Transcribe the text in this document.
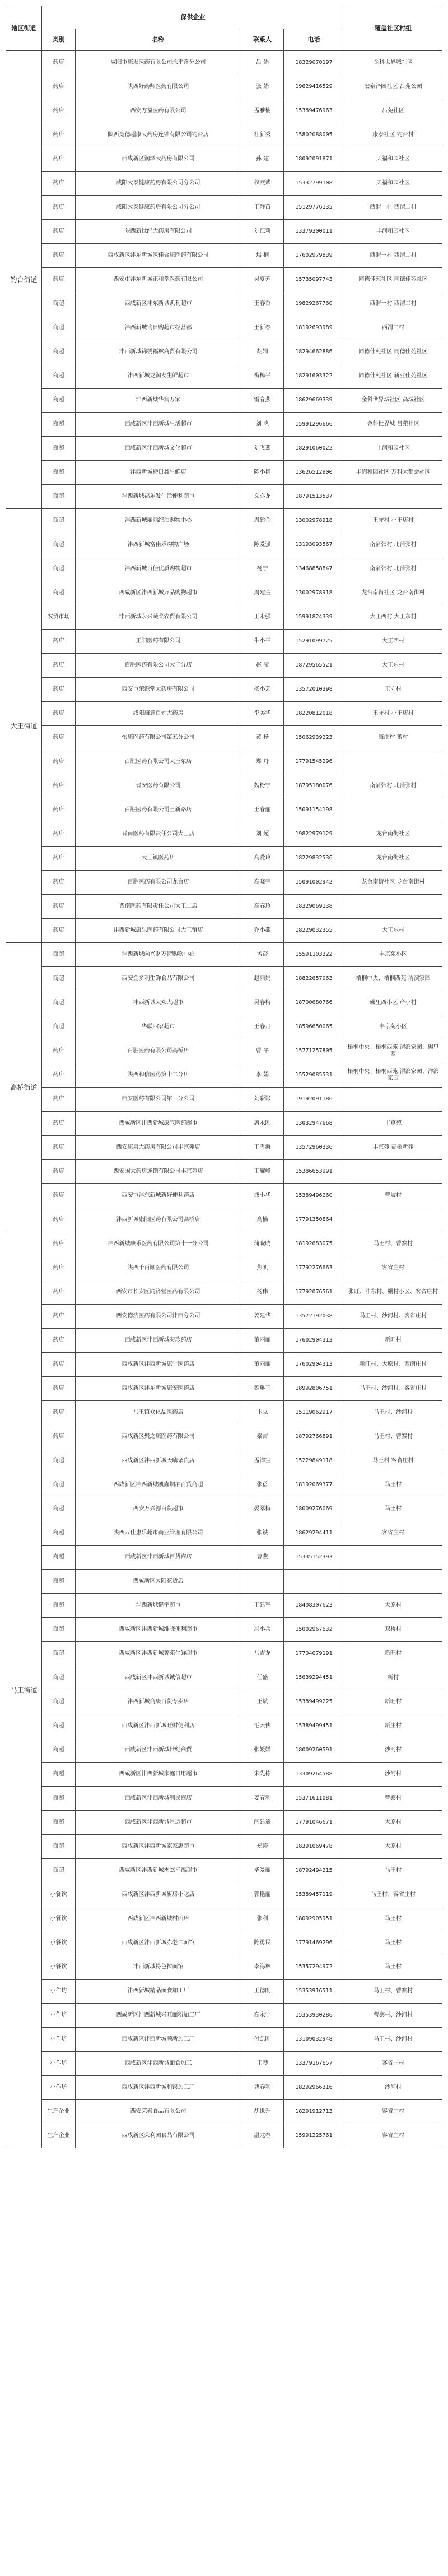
辖区街道	保供企业				覆盖社区村组
	类别	名称	联系人	电话	
钓台街道	药店	咸阳市康发医药有限公司永平路分公司	吕 娟	18329070197	金科世界城社区
	药店	陕西好药师医药有限公司	张 娟	19629416529	宏泰泽园社区 吕苑公园
	药店	西安方益医药有限公司	孟雅楠	15389476963	吕苑社区
	药店	陕西竞德超康大药房连锁有限公司钓台店	杜新秀	15802088005	康泰社区 钓台村
	药店	西咸新区润泽大药房有限公司	孙 建	18092091871	天福和园社区
	药店	咸阳大泰健康药房有限公司分公司	权燕武	15332799108	天福和园社区
	药店	咸阳大泰健康药房有限公司分公司	王静苗	15129776135	西渭一村 西渭二村
	药店	陕西新世纪大药房有限公司	刘江莉	13379300011	丰润和园社区
	药店	西咸新区沣东新城医佳合康医药有限公司	焦 楠	17602979839	西渭一村 西渭二村
	药店	西安市沣东新城正和堂医药有限公司	吴夏芳	15735097743	同德佳苑社区 同德佳苑社区
	商超	西咸新区沣东新城凯利超市	王春香	19829267760	西渭一村 西渭二村
	商超	沣西新城钓日购超市经营部	王新春	18192693989	西渭二村
	商超	沣西新城锦绣福林商贸有限公司	胡娟	18294662886	同德佳苑社区 同德佳苑社区
	商超	沣西新城龙润发生鲜超市	梅樟平	18291603322	同德佳苑社区 新业佳苑社区
	商超	沣西新城华润万家	雷春燕	18629669339	金科世界城社区 高城社区
	商超	西咸新区沣西新城生活超市	刘 虎	15991296666	金科世界城 吕苑社区
	商超	西咸新区沣西新城文化超市	刘飞燕	18291060022	丰润和园社区
	商超	沣西新城特日鑫生鲜店	陈小艳	13626512900	丰润和园社区 万科大都会社区
	商超	沣西新城福乐发生活便利超市	文亦龙	18791513537	
大王街道	商超	沣西新城丽丽纪泊购物中心	周建金	13002978918	王守村 小王店村
	商超	沣西新城富佳乐购物广场	陈爱强	13193093567	南蒲张村 北蒲张村
	商超	沣西新城百佳优质购物超市	杨宁	13468858847	南蒲张村 北蒲张村
	商超	西咸新区沣西新城万品购物超市	周建金	13002978918	龙台南街社区 龙台南街村
	农贸市场	沣西新城永兴蔬菜农贸有限公司	王永强	15991824339	大王西村 大王东村
	药店	正阳医药有限公司	牛小平	15291099725	大王西村
	药店	百胜医药有限公司大王分店	赵 莹	18729565521	大王东村
	药店	西安市荣源堂大药房有限公司	杨小艺	13572010398	王守村
	药店	咸阳康意百姓大药房	李美华	18220812018	王守村 小王店村
	药店	怡康医药有限公司第五分公司	黄 杨	15062939223	康庄村 蓄村
	药店	百胜医药有限公司大王东店	郑 丹	17791545296	
	药店	晋安医药有限公司	魏粉宁	18795180076	南蒲张村 北蒲张村
	药店	百胜医药有限公司王新路店	王春丽	15091154198	
	药店	晋南医药有限责任公司大王店	刘 超	19822979129	龙台南街社区
	药店	大王镇医药店	高爱玲	18229832536	龙台南街社区
	药店	百胜医药有限公司龙台店	高晓宇	15091002942	龙台南街社区 龙台南街村
	药店	晋南医药有限责任公司大王二店	高春玲	18329069138	
	药店	沣西新城康乐医药有限公司大王镇店	乔小燕	18229032355	大王东村
高桥街道	商超	沣西新城向兴财万特购物中心	孟奋	15591103322	丰京苑小区
	商超	西安金多利生鲜食品有限公司	赵丽娟	18822657063	梧桐中央、梧桐西苑 渭滨家园
	商超	沣西新城大众大超市	吴春梅	18700680766	碾里西小区 产小村
	商超	华联四家超市	王春月	18596650065	丰京苑小区
	药店	百胜医药有限公司高桥店	曹 平	15771257805	梧桐中央、梧桐西苑 渭滨家园、碾里西
	药店	陕西和信医药第十二分店	李 娟	15529085531	梧桐中央、梧桐西苑 渭滨家园、洋滨家园
	药店	西安医药有限公司第一分公司	刘彩影	19192091186	
	药店	西咸新区沣西新城康宝医药超市	唐永刚	13032947668	丰京苑
	药店	西安康泉大药房有限公司丰京苑店	王雪海	13572960336	丰京苑 高桥新苑
	药店	西安国大药房连锁有限公司丰京苑店	丁耀峰	15386653991	
	药店	西安市沣东新城新好便利药店	成小华	15389496260	曹坡村
	药店	沣西新城康阳医药有限公司高桥店	高楠	17791350864	
马王街道	药店	沣西新城康乐医药有限公司第十一分公司	蒲晓晓	18192683075	马王村、曹寨村
	药店	陕西千百顺医药有限公司	焦凯	17792276663	客省庄村
	药店	西安市长安区同济堂医药有限公司	杨伟	17792076561	张旺、沣东村、棚村小区、客省庄村
	药店	西安德济医药有限公司沣西分公司	姜建华	13572192038	马王村、沙河村、客省庄村
	药店	西咸新区沣西新城秦珍药店	董丽丽	17602904313	新旺村
	药店	西咸新区沣西新城康宁医药店	董丽丽	17602904313	新旺村、大原村、西南庄村
	药店	西咸新区沣东新城康安医药店	魏琳平	18992806751	马王村、沙河村、客省庄村
	药店	马王镇众化品医药店	卞立	15119062917	马王村、沙河村
	药店	西咸新区聚之康医药有限公司	秦吉	18792766891	马王村、曹寨村
	商超	西咸新区沣西新城天嗨杂货店	孟洋宝	15229849118	马王村 客省庄村
	商超	西咸新区沣西新城凯鑫烟酒百货商超	张蓓	18192069377	马王村
	商超	西安万兴源百货超市	晏翠梅	18009276069	马王村
	商超	陕西万佳惠乐超市商业管理有限公司	张铁	18629294411	客省庄村
	商超	西咸新区沣西新城百货商店	曹燕	15335152393	
	商超	西咸新区太阳花货店			
	商超	沣西新城健宇超市	王建军	18408307623	大原村
	商超	西咸新区沣西新城维晓便利超市	冯小兵	15002967632	双桥村
	商超	西咸新区沣西新城菁苑生鲜超市	马吉龙	17704079191	新旺村
	商超	西咸新区沣西新城诚信超市	任盛	15639294451	新村
	商超	沣西新城商康百货专卖店	王斌	15389499225	新旺村
	商超	西咸新区沣西新城旺财便利店	毛云侠	15389499451	新庄村
	商超	西咸新区沣西新城世纪商贸	张媛媛	18009260591	沙河村
	商超	西咸新区沣西新城家庭日用超市	宋先栋	13309264588	沙河村
	商超	西咸新区沣西新城利民商店	姜春利	15371611081	曹寨村
	商超	西咸新区沣西新城星运超市	闫建斌	17791046671	大原村
	商超	西咸新区沣西新城家家惠超市	郑涛	18391069478	大原村
	商超	西咸新区沣西新城杰杰幸福超市	毕爱丽	18792494215	马王村
	小餐饮	西咸新区沣西新城厨房小吃店	郭艳丽	15389457119	马王村、客省庄村
	小餐饮	西咸新区沣西新城村面店	张利	18092905951	马王村
	小餐饮	西咸新区沣西新城赤老二面馆	陈勇民	17791469296	马王村
	小餐饮	沣西新城特色拉面馆	李海林	15357294972	马王村
	小作坊	沣西新城精品面食加工厂	王德刚	15353916511	马王村、曹寨村
	小作坊	西咸新区沣西新城兴旺面粉加工厂	高永宁	15353930286	曹寨村、沙河村
	小作坊	西咸新区沣西新城顺新加工厂	付凯刚	13109032948	马王村、沙河村
	小作坊	西咸新区沣西新城面食加工	王琴	13379167657	客省庄村
	小作坊	西咸新区沣西新城和馍加工厂	曹春利	18292966316	沙河村
	生产企业	西安荣泰食品有限公司	胡世升	18291912713	客省庄村
	生产企业	西咸新区荣利园食品有限公司	温龙春	15991225761	客省庄村
